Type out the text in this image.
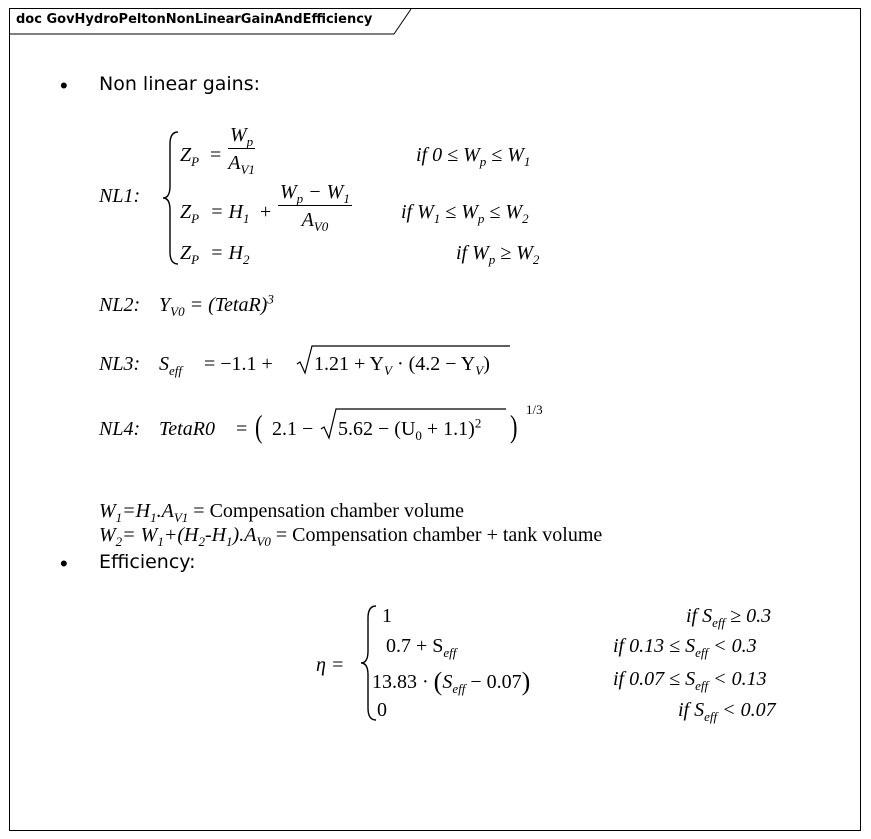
doc GovHydroPeltonNonLinearGainAndEfficiency
• Non linear gains:
NL1:
$Z_P = \frac{W_p}{A_{V1}}$	if $0 \le W_p \le W_1$
$Z_P = H_1 + \frac{W_p - W_1}{A_{V0}}$ if $W_1 \le W_p \le W_2$
$Z_P = H_2$	if $W_p \ge W_2$
NL2: $Y_{V0}$ = (TetaR)$^3$
NL3: $S_{eff} = -1.1 + 1.21 + Y_V \cdot (4.2 - Y_V)$
NL4: TetaR0 = ( $2.1 - 5.62 - (U_0 + 1.1)^2$ ) 1/3
$W_1=H_1.A_{V1}$ = Compensation chamber volume
$W_2= W_1+(H_2-H_1).A_{V0}$ = Compensation chamber + tank volume
• Efficiency:
η =
1	if $S_{eff} \ge 0.3$
$0.7 + S_{eff}$	if $0.13 \le S_{eff} < 0.3$
$13.83 \cdot (S_{eff} - 0.07)$	if $0.07 \le S_{eff} < 0.13$
0	if $S_{eff} < 0.07$
